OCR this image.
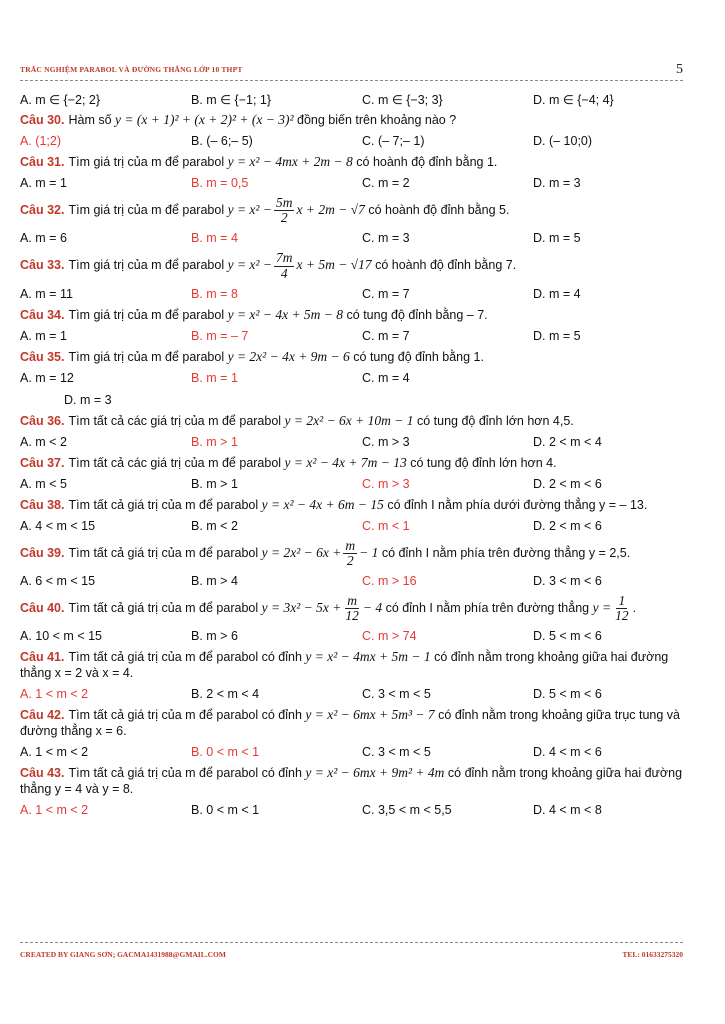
TRẮC NGHIỆM PARABOL VÀ ĐƯỜNG THẲNG LỚP 10 THPT	5
A. m ∈ {−2; 2}	B. m ∈ {−1; 1}	C. m ∈ {−3; 3}	D. m ∈ {−4; 4}
Câu 30. Hàm số y = (x + 1)² + (x + 2)² + (x − 3)² đồng biến trên khoảng nào ?
A. (1;2)	B. (– 6;– 5)	C. (– 7;– 1)	D. (– 10;0)
Câu 31. Tìm giá trị của m để parabol y = x² − 4mx + 2m − 8 có hoành độ đỉnh bằng 1.
A. m = 1	B. m = 0,5	C. m = 2	D. m = 3
Câu 32. Tìm giá trị của m để parabol $y = x^2 - \frac{5m}{2}$ x + 2m − √7 có hoành độ đỉnh bằng 5.
A. m = 6	B. m = 4	C. m = 3	D. m = 5
Câu 33. Tìm giá trị của m để parabol $y = x^2 - \frac{7m}{4}$ x + 5m − √17 có hoành độ đỉnh bằng 7.
A. m = 11	B. m = 8	C. m = 7	D. m = 4
Câu 34. Tìm giá trị của m để parabol y = x² − 4x + 5m − 8 có tung độ đỉnh bằng – 7.
A. m = 1	B. m = – 7	C. m = 7	D. m = 5
Câu 35. Tìm giá trị của m để parabol y = 2x² − 4x + 9m − 6 có tung độ đỉnh bằng 1.
A. m = 12	B. m = 1	C. m = 4
D. m = 3
Câu 36. Tìm tất cả các giá trị của m để parabol y = 2x² − 6x + 10m − 1 có tung độ đỉnh lớn hơn 4,5.
A. m < 2	B. m > 1	C. m > 3	D. 2 < m < 4
Câu 37. Tìm tất cả các giá trị của m để parabol y = x² − 4x + 7m − 13 có tung độ đỉnh lớn hơn 4.
A. m < 5	B. m > 1	C. m > 3	D. 2 < m < 6
Câu 38. Tìm tất cả giá trị của m để parabol y = x² − 4x + 6m − 15 có đỉnh I nằm phía dưới đường thẳng y = – 13.
A. 4 < m < 15	B. m < 2	C. m < 1	D. 2 < m < 6
Câu 39. Tìm tất cả giá trị của m để parabol $y = 2x^2 - 6x + \frac{m}{2} - 1$ có đỉnh I nằm phía trên đường thẳng y = 2,5.
A. 6 < m < 15	B. m > 4	C. m > 16	D. 3 < m < 6
Câu 40. Tìm tất cả giá trị của m để parabol $y = 3x^2 - 5x + \frac{m}{12} - 4$ có đỉnh I nằm phía trên đường thẳng $y = \frac{1}{12}$ .
A. 10 < m < 15	B. m > 6	C. m > 74	D. 5 < m < 6
Câu 41. Tìm tất cả giá trị của m để parabol có đỉnh y = x² − 4mx + 5m − 1 có đỉnh nằm trong khoảng giữa hai đường thẳng x = 2 và x = 4.
A. 1 < m < 2	B. 2 < m < 4	C. 3 < m < 5	D. 5 < m < 6
Câu 42. Tìm tất cả giá trị của m để parabol có đỉnh y = x² − 6mx + 5m³ − 7 có đỉnh nằm trong khoảng giữa trục tung và đường thẳng x = 6.
A. 1 < m < 2	B. 0 < m < 1	C. 3 < m < 5	D. 4 < m < 6
Câu 43. Tìm tất cả giá trị của m để parabol có đỉnh y = x² − 6mx + 9m² + 4m có đỉnh nằm trong khoảng giữa hai đường thẳng y = 4 và y = 8.
A. 1 < m < 2	B. 0 < m < 1	C. 3,5 < m < 5,5	D. 4 < m < 8
CREATED BY GIANG SƠN; GACMA1431988@GMAIL.COM	TEL: 01633275320
